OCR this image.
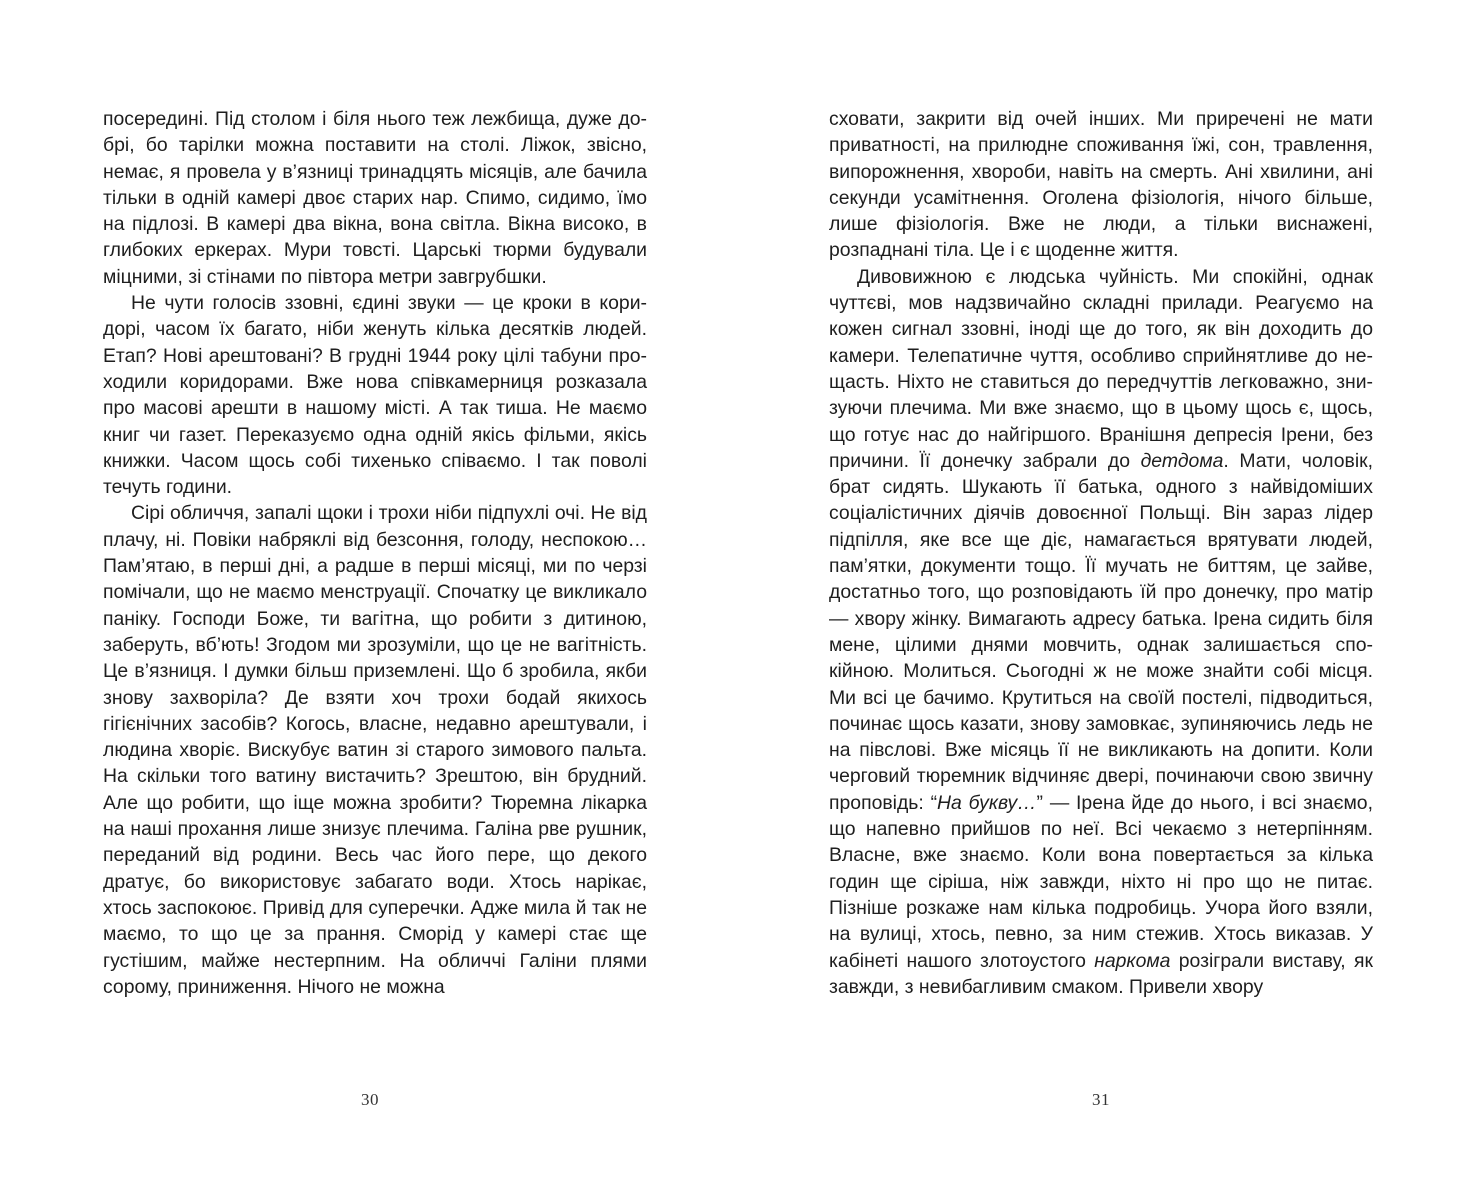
посередині. Під столом і біля нього теж лежбища, дуже добрі, бо тарілки можна поставити на столі. Ліжок, звісно, немає, я провела у в’язниці тринадцять місяців, але бачила тільки в одній камері двоє старих нар. Спимо, сидимо, їмо на підлозі. В камері два вікна, вона світла. Вікна високо, в глибоких еркерах. Мури товсті. Царські тюрми будували міцними, зі стінами по півтора метри завгрубшки.

Не чути голосів ззовні, єдині звуки — це кроки в коридорі, часом їх багато, ніби женуть кілька десятків людей. Етап? Нові арештовані? В грудні 1944 року цілі табуни проходили коридорами. Вже нова співкамерниця розказала про масові арешти в нашому місті. А так тиша. Не маємо книг чи газет. Переказуємо одна одній якісь фільми, якісь книжки. Часом щось собі тихенько співаємо. І так поволі течуть години.

Сірі обличчя, запалі щоки і трохи ніби підпухлі очі. Не від плачу, ні. Повіки набряклі від безсоння, голоду, неспокою… Пам’ятаю, в перші дні, а радше в перші місяці, ми по черзі помічали, що не маємо менструації. Спочатку це викликало паніку. Господи Боже, ти вагітна, що робити з дитиною, заберуть, вб’ють! Згодом ми зрозуміли, що це не вагітність. Це в’язниця. І думки більш приземлені. Що б зробила, якби знову захворіла? Де взяти хоч трохи бодай якихось гігієнічних засобів? Когось, власне, недавно арештували, і людина хворіє. Вискубує ватин зі старого зимового пальта. На скільки того ватину вистачить? Зрештою, він брудний. Але що робити, що іще можна зробити? Тюремна лікарка на наші прохання лише знизує плечима. Галіна рве рушник, переданий від родини. Весь час його пере, що декого дратує, бо використовує забагато води. Хтось нарікає, хтось заспокоює. Привід для суперечки. Адже мила й так не маємо, то що це за прання. Сморід у камері стає ще густішим, майже нестерпним. На обличчі Галіни плями сорому, приниження. Нічого не можна

30

сховати, закрити від очей інших. Ми приречені не мати приватності, на прилюдне споживання їжі, сон, травлення, випорожнення, хвороби, навіть на смерть. Ані хвилини, ані секунди усамітнення. Оголена фізіологія, нічого більше, лише фізіологія. Вже не люди, а тільки виснажені, розпаднані тіла. Це і є щоденне життя.

Дивовижною є людська чуйність. Ми спокійні, однак чуттєві, мов надзвичайно складні прилади. Реагуємо на кожен сигнал ззовні, іноді ще до того, як він доходить до камери. Телепатичне чуття, особливо сприйнятливе до нещасть. Ніхто не ставиться до передчуттів легковажно, знизуючи плечима. Ми вже знаємо, що в цьому щось є, щось, що готує нас до найгіршого. Вранішня депресія Ірени, без причини. Її донечку забрали до детдома. Мати, чоловік, брат сидять. Шукають її батька, одного з найвідоміших соціалістичних діячів довоєнної Польщі. Він зараз лідер підпілля, яке все ще діє, намагається врятувати людей, пам’ятки, документи тощо. Її мучать не биттям, це зайве, достатньо того, що розповідають їй про донечку, про матір — хвору жінку. Вимагають адресу батька. Ірена сидить біля мене, цілими днями мовчить, однак залишається спокійною. Молиться. Сьогодні ж не може знайти собі місця. Ми всі це бачимо. Крутиться на своїй постелі, підводиться, починає щось казати, знову замовкає, зупиняючись ледь не на півслові. Вже місяць її не викликають на допити. Коли черговий тюремник відчиняє двері, починаючи свою звичну проповідь: “На букву…” — Ірена йде до нього, і всі знаємо, що напевно прийшов по неї. Всі чекаємо з нетерпінням. Власне, вже знаємо. Коли вона повертається за кілька годин ще сіріша, ніж завжди, ніхто ні про що не питає. Пізніше розкаже нам кілька подробиць. Учора його взяли, на вулиці, хтось, певно, за ним стежив. Хтось виказав. У кабінеті нашого злотоустого наркома розіграли виставу, як завжди, з невибагливим смаком. Привели хвору

31
